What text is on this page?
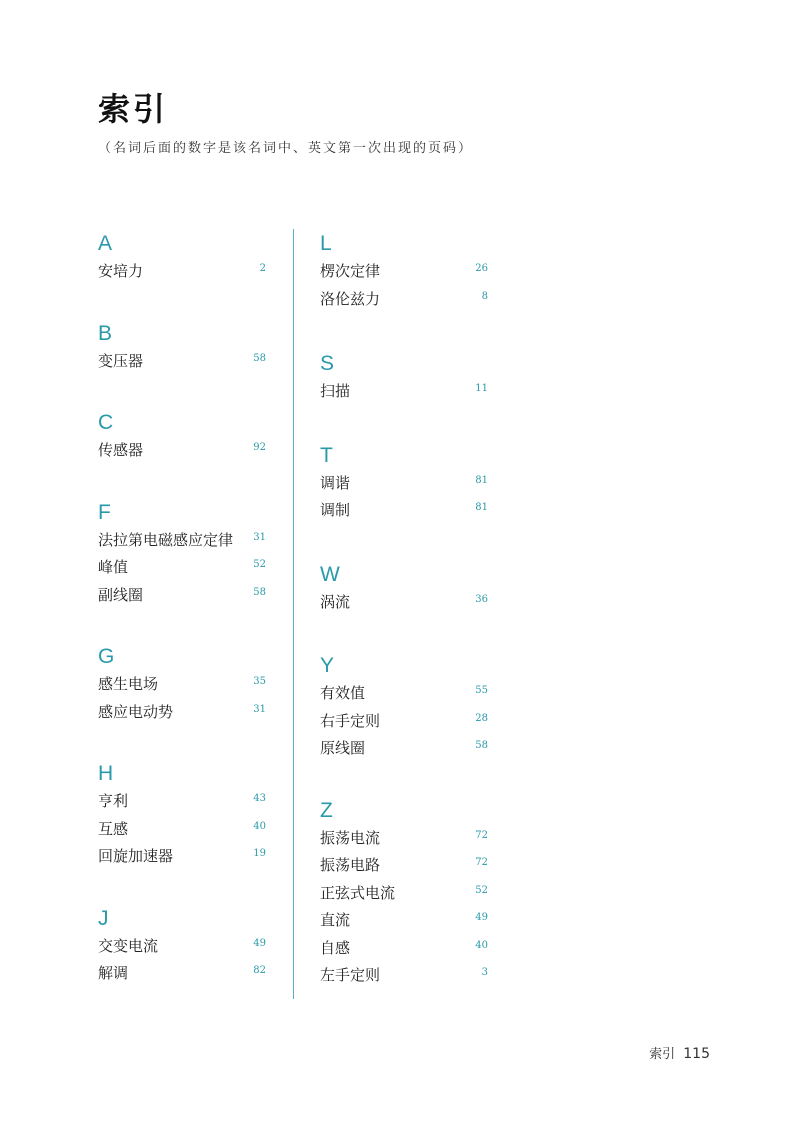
索引
（名词后面的数字是该名词中、英文第一次出现的页码）
A
安培力	2
B
变压器	58
C
传感器	92
F
法拉第电磁感应定律 31
峰值	52
副线圈	58
G
感生电场	35
感应电动势	31
H
亨利	43
互感	40
回旋加速器	19
J
交变电流	49
解调	82
L
楞次定律	26
洛伦兹力	8
S
扫描	11
T
调谐	81
调制	81
W
涡流	36
Y
有效值	55
右手定则	28
原线圈	58
Z
振荡电流	72
振荡电路	72
正弦式电流	52
直流	49
自感	40
左手定则	3
索引 115
